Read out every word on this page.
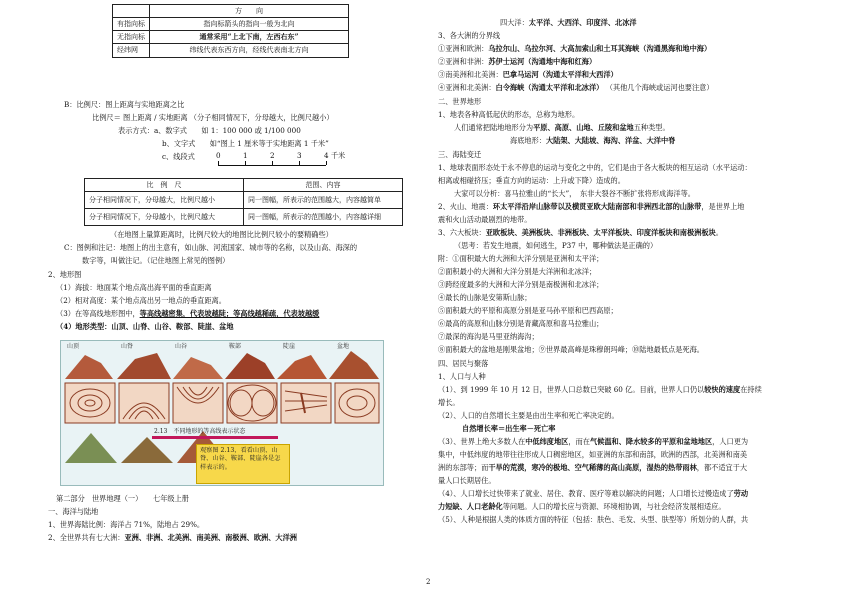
	方　　向
有指向标	指向标箭头的指向一般为北向
无指向标	通常采用“上北下南，左西右东”
经纬网	纬线代表东西方向，经线代表南北方向
B：比例尺：图上距离与实地距离之比
比例尺＝ 图上距离 / 实地距离 （分子相同情况下，分母越大，比例尺越小）
表示方式：a、数字式　　如 1：100 000 或 1/100 000
b、文字式　　如“图上 1 厘米等于实地距离 1 千米”
c、线段式	0	1	2	3	4 千米
比　例　尺	范围、内容
分子相同情况下，分母越大，比例尺越小	同一图幅，所表示的范围越大，内容越简单
分子相同情况下，分母越小，比例尺越大	同一图幅，所表示的范围越小，内容越详细
（在地图上量算距离时，比例尺较大的地图比比例尺较小的要精确些）
C：图例和注记：地图上的出主意有，如山脉、河流国家、城市等的名称，以及山高、海深的
数字等，叫做注记。（记住地图上常见的图例）
2、地形图
（1）海拔：地面某个地点高出海平面的垂直距离
（2）相对高度：某个地点高出另一地点的垂直距离。
（3）在等高线地形图中，等高线越密集，代表坡越陡；等高线越稀疏，代表坡越缓
（4）地形类型：山顶、山脊、山谷、鞍部、陡崖、盆地
山顶	山脊	山谷	鞍部	陡崖	盆地
2.13　不同地形的等高线表示状态
观察图 2.13，看看山顶、山脊、山谷、鞍部、陡崖各是怎样表示的。
第二部分　世界地理（一）　　七年级上册
一、海洋与陆地
1、世界海陆比例：海洋占 71%，陆地占 29%。
2、全世界共有七大洲：亚洲、非洲、北美洲、南美洲、南极洲、欧洲、大洋洲
四大洋：太平洋、大西洋、印度洋、北冰洋
3、各大洲的分界线
①亚洲和欧洲：乌拉尔山、乌拉尔河、大高加索山和土耳其海峡（沟通黑海和地中海）
②亚洲和非洲：苏伊士运河（沟通地中海和红海）
③南美洲和北美洲：巴拿马运河（沟通太平洋和大西洋）
④亚洲和北美洲：白令海峡（沟通太平洋和北冰洋） （其他几个海峡或运河也要注意）
二、世界地形
1、地表各种高低起伏的形态，总称为地形。
人们通常把陆地地形分为平原、高原、山地、丘陵和盆地五种类型。
海底地形：大陆架、大陆坡、海沟、洋盆、大洋中脊
三、海陆变迁
1、地球表面形态处于永不停息的运动与变化之中的，它们是由于各大板块的相互运动（水平运动：
相离或相碰挤压；垂直方向的运动：上升或下降）造成的。
大家可以分析：喜马拉雅山的“长大”，　东非大裂谷不断扩张将形成海洋等。
2、火山、地震：环太平洋沿岸山脉带以及横贯亚欧大陆南部和非洲西北部的山脉带，是世界上地
震和火山活动最剧烈的地带。
3、六大板块：亚欧板块、美洲板块、非洲板块、太平洋板块、印度洋板块和南极洲板块。
（思考：若发生地震，如何逃生，P37 中，哪种做法是正确的）
附：①面积最大的大洲和大洋分别是亚洲和太平洋；
②面积最小的大洲和大洋分别是大洋洲和北冰洋；
③跨经度最多的大洲和大洋分别是南极洲和北冰洋；
④最长的山脉是安第斯山脉；
⑤面积最大的平原和高原分别是亚马孙平原和巴西高原；
⑥最高的高原和山脉分别是青藏高原和喜马拉雅山；
⑦最深的海沟是马里亚纳海沟；
⑧面积最大的盆地是刚果盆地；⑨世界最高峰是珠穆朗玛峰；⑩陆地最低点是死海。
四、居民与聚落
1、人口与人种
（1）、到 1999 年 10 月 12 日，世界人口总数已突破 60 亿。目前，世界人口仍以较快的速度在持续
增长。
（2）、人口的自然增长主要是由出生率和死亡率决定的。
自然增长率＝出生率－死亡率
（3）、世界上绝大多数人在中低纬度地区，而在气候温和、降水较多的平原和盆地地区，人口更为
集中，中低纬度的地带往往形成人口稠密地区，如亚洲的东部和南部，欧洲的西部，北美洲和南美
洲的东部等；而干旱的荒漠，寒冷的极地、空气稀薄的高山高原，湿热的热带雨林，都不适宜于大
量人口长期居住。
（4）、人口增长过快带来了就业、居住、教育、医疗等难以解决的问题；人口增长过慢造成了劳动
力短缺、人口老龄化等问题。人口的增长应与资源、环境相协调，与社会经济发展相适应。
（5）、人种是根据人类的体质方面的特征（包括：肤色、毛发、头型、肤型等）所划分的人群，共
2
